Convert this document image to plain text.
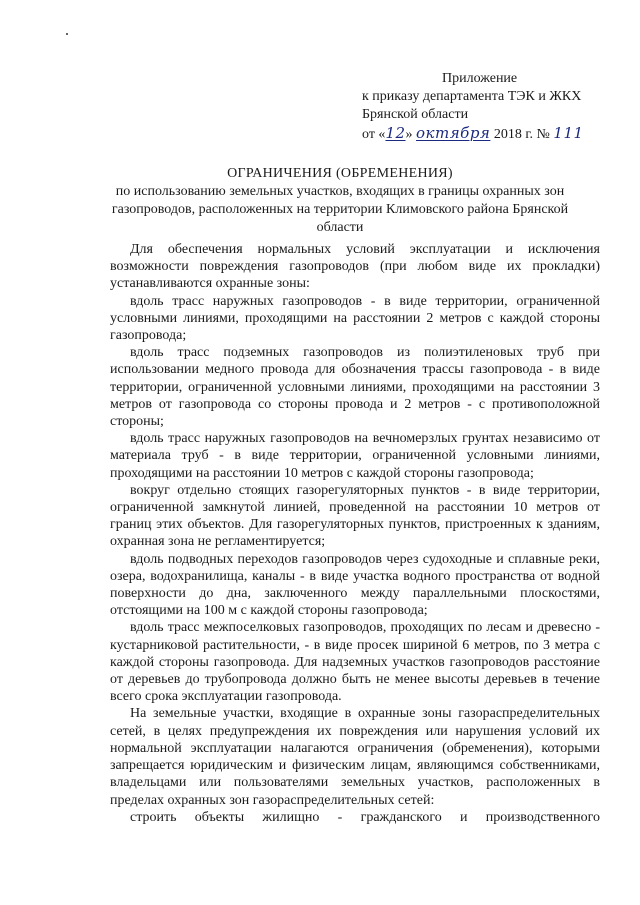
Приложение
к приказу департамента ТЭК и ЖКХ
Брянской области
от «12» октября 2018 г. № 111
ОГРАНИЧЕНИЯ (ОБРЕМЕНЕНИЯ)
по использованию земельных участков, входящих в границы охранных зон газопроводов, расположенных на территории Климовского района Брянской области

Для обеспечения нормальных условий эксплуатации и исключения возможности повреждения газопроводов (при любом виде их прокладки) устанавливаются охранные зоны:

вдоль трасс наружных газопроводов - в виде территории, ограниченной условными линиями, проходящими на расстоянии 2 метров с каждой стороны газопровода;

вдоль трасс подземных газопроводов из полиэтиленовых труб при использовании медного провода для обозначения трассы газопровода - в виде территории, ограниченной условными линиями, проходящими на расстоянии 3 метров от газопровода со стороны провода и 2 метров - с противоположной стороны;

вдоль трасс наружных газопроводов на вечномерзлых грунтах независимо от материала труб - в виде территории, ограниченной условными линиями, проходящими на расстоянии 10 метров с каждой стороны газопровода;

вокруг отдельно стоящих газорегуляторных пунктов - в виде территории, ограниченной замкнутой линией, проведенной на расстоянии 10 метров от границ этих объектов. Для газорегуляторных пунктов, пристроенных к зданиям, охранная зона не регламентируется;

вдоль подводных переходов газопроводов через судоходные и сплавные реки, озера, водохранилища, каналы - в виде участка водного пространства от водной поверхности до дна, заключенного между параллельными плоскостями, отстоящими на 100 м с каждой стороны газопровода;

вдоль трасс межпоселковых газопроводов, проходящих по лесам и древесно - кустарниковой растительности, - в виде просек шириной 6 метров, по 3 метра с каждой стороны газопровода. Для надземных участков газопроводов расстояние от деревьев до трубопровода должно быть не менее высоты деревьев в течение всего срока эксплуатации газопровода.

На земельные участки, входящие в охранные зоны газораспределительных сетей, в целях предупреждения их повреждения или нарушения условий их нормальной эксплуатации налагаются ограничения (обременения), которыми запрещается юридическим и физическим лицам, являющимся собственниками, владельцами или пользователями земельных участков, расположенных в пределах охранных зон газораспределительных сетей:

строить объекты жилищно - гражданского и производственного
